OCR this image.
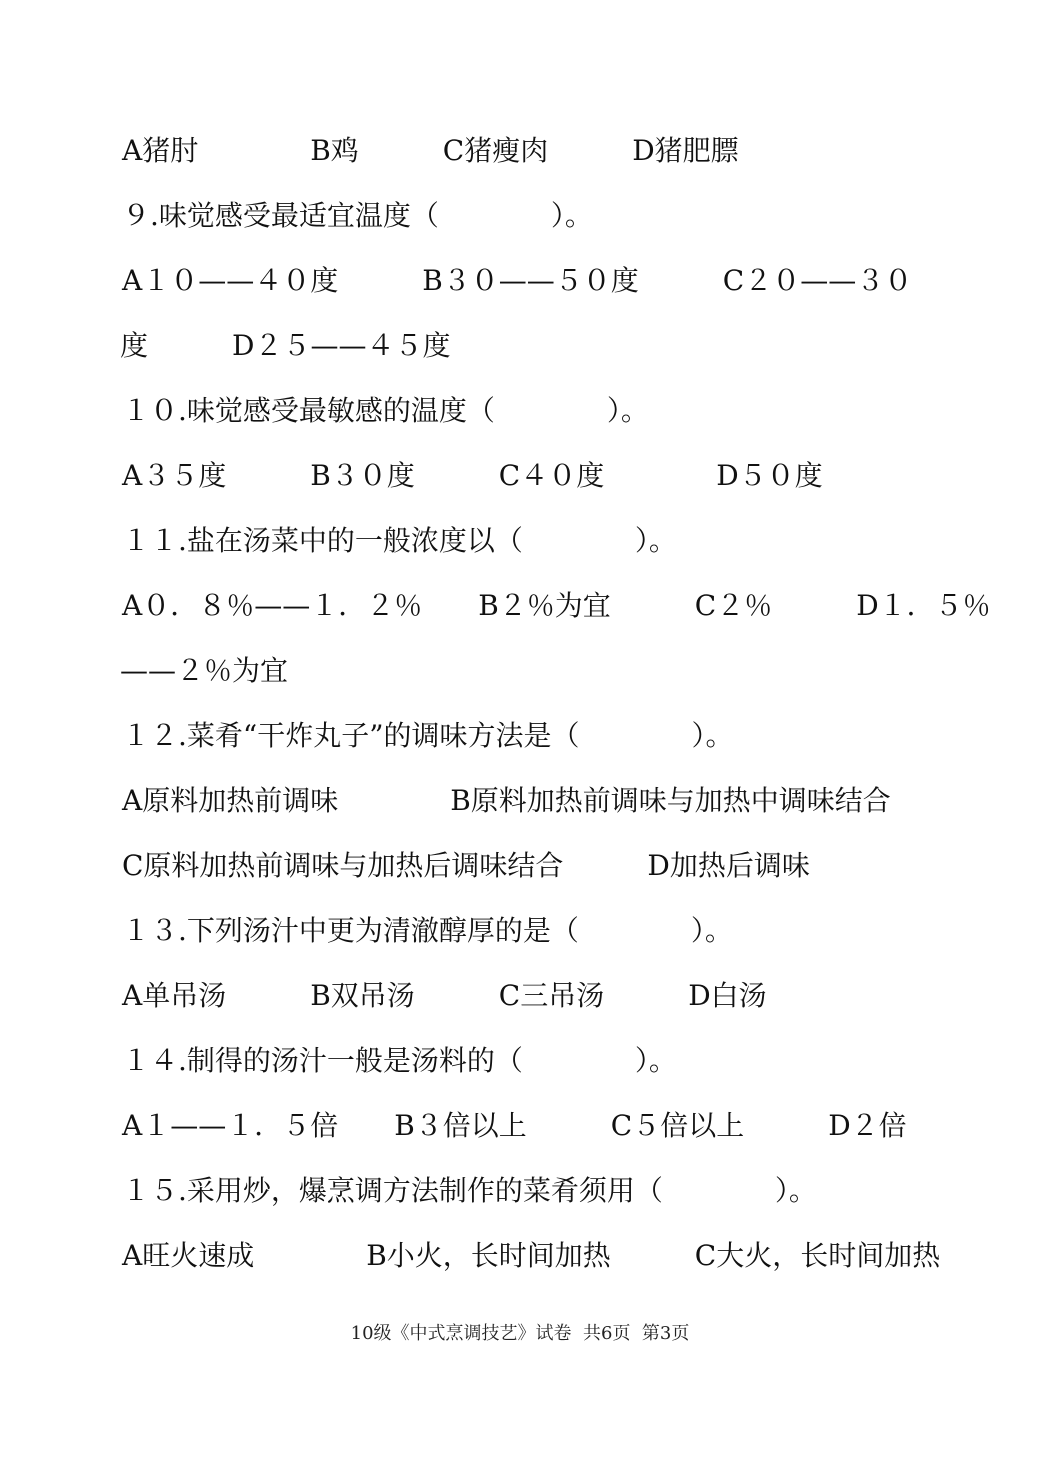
A猪肘　　　　B鸡　　　C猪瘦肉　　　D猪肥膘
９.味觉感受最适宜温度（　　　　）。
A１０——４０度　　　B３０——５０度　　　C２０——３０
度　　　D２５——４５度
１０.味觉感受最敏感的温度（　　　　）。
A３５度　　　B３０度　　　C４０度　　　　D５０度
１１.盐在汤菜中的一般浓度以（　　　　）。
A０．８％——１．２％　　B２％为宜　　　C２％　　　D１．５％
——２％为宜
１２.菜肴“干炸丸子”的调味方法是（　　　　）。
A原料加热前调味　　　　B原料加热前调味与加热中调味结合
C原料加热前调味与加热后调味结合　　　D加热后调味
１３.下列汤汁中更为清澈醇厚的是（　　　　）。
A单吊汤　　　B双吊汤　　　C三吊汤　　　D白汤
１４.制得的汤汁一般是汤料的（　　　　）。
A１——１．５倍　　B３倍以上　　　C５倍以上　　　D２倍
１５.采用炒，爆烹调方法制作的菜肴须用（　　　　）。
A旺火速成　　　　B小火，长时间加热　　　C大火，长时间加热
10级《中式烹调技艺》试卷  共6页  第3页
